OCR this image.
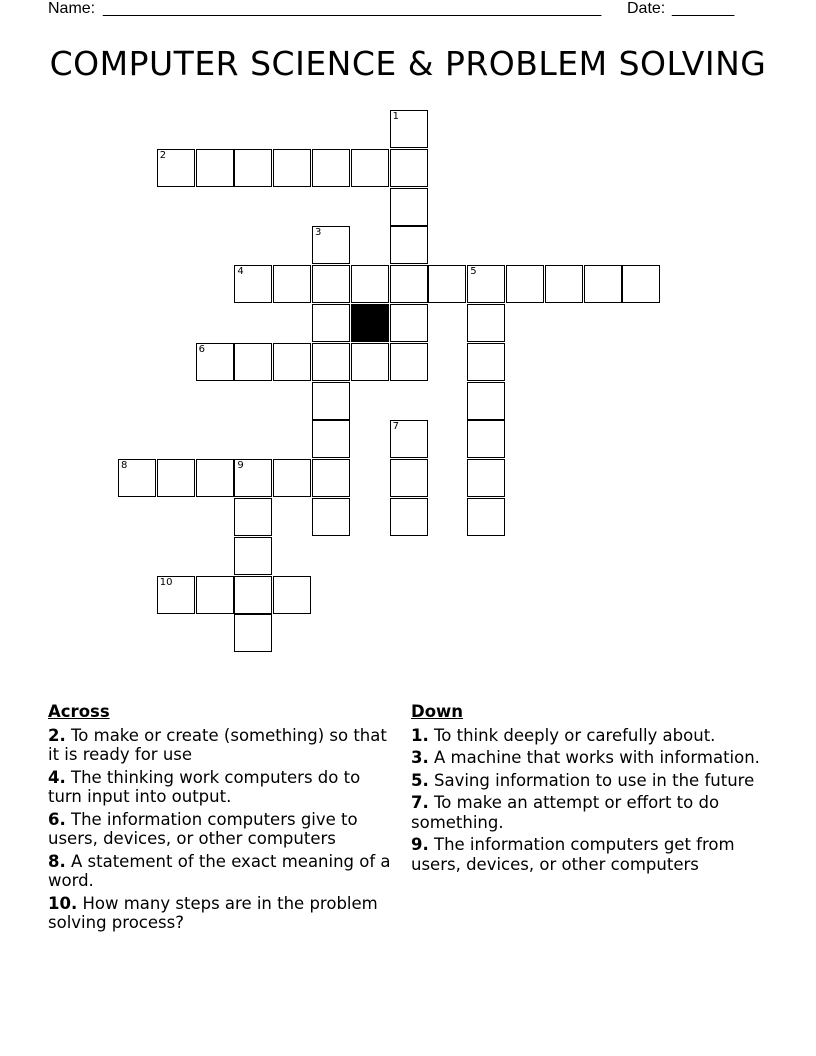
Name: ________________________________________________________ Date: _______
COMPUTER SCIENCE & PROBLEM SOLVING
1
2
3
4	5
6
7
8	9
10
Across
2. To make or create (something) so that it is ready for use
4. The thinking work computers do to turn input into output.
6. The information computers give to users, devices, or other computers
8. A statement of the exact meaning of a word.
10. How many steps are in the problem solving process?
Down
1. To think deeply or carefully about.
3. A machine that works with information.
5. Saving information to use in the future
7. To make an attempt or effort to do something.
9. The information computers get from users, devices, or other computers
